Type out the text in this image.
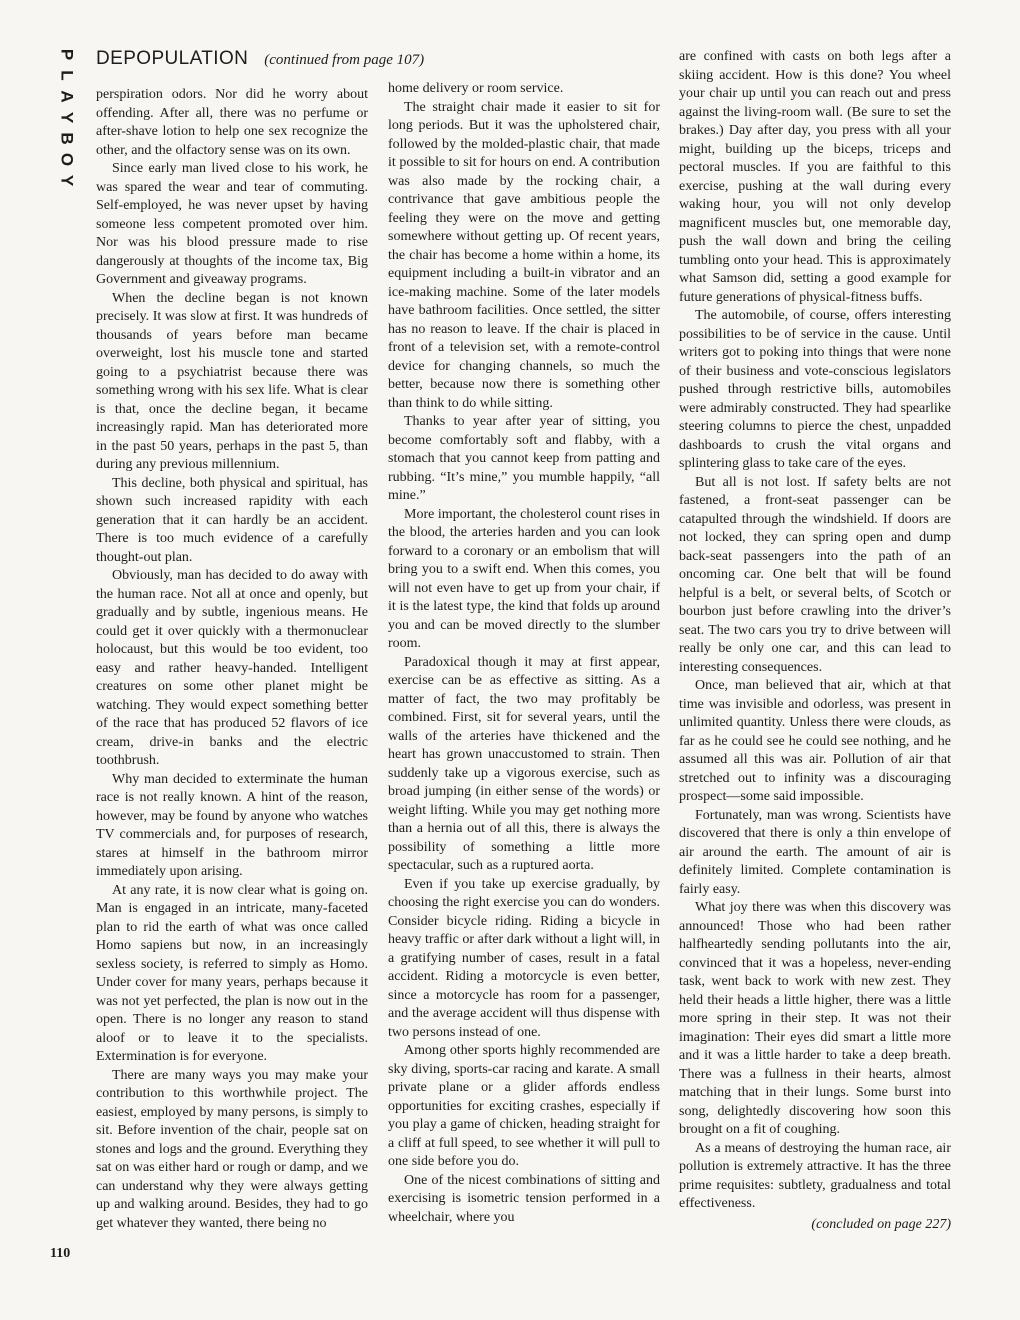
P
L
A
Y
B
O
Y
DEPOPULATION (continued from page 107)

perspiration odors. Nor did he worry about offending. After all, there was no perfume or after-shave lotion to help one sex recognize the other, and the olfactory sense was on its own.

Since early man lived close to his work, he was spared the wear and tear of commuting. Self-employed, he was never upset by having someone less competent promoted over him. Nor was his blood pressure made to rise dangerously at thoughts of the income tax, Big Government and giveaway programs.

When the decline began is not known precisely. It was slow at first. It was hundreds of thousands of years before man became overweight, lost his muscle tone and started going to a psychiatrist because there was something wrong with his sex life. What is clear is that, once the decline began, it became increasingly rapid. Man has deteriorated more in the past 50 years, perhaps in the past 5, than during any previous millennium.

This decline, both physical and spiritual, has shown such increased rapidity with each generation that it can hardly be an accident. There is too much evidence of a carefully thought-out plan.

Obviously, man has decided to do away with the human race. Not all at once and openly, but gradually and by subtle, ingenious means. He could get it over quickly with a thermonuclear holocaust, but this would be too evident, too easy and rather heavy-handed. Intelligent creatures on some other planet might be watching. They would expect something better of the race that has produced 52 flavors of ice cream, drive-in banks and the electric toothbrush.

Why man decided to exterminate the human race is not really known. A hint of the reason, however, may be found by anyone who watches TV commercials and, for purposes of research, stares at himself in the bathroom mirror immediately upon arising.

At any rate, it is now clear what is going on. Man is engaged in an intricate, many-faceted plan to rid the earth of what was once called Homo sapiens but now, in an increasingly sexless society, is referred to simply as Homo. Under cover for many years, perhaps because it was not yet perfected, the plan is now out in the open. There is no longer any reason to stand aloof or to leave it to the specialists. Extermination is for everyone.

There are many ways you may make your contribution to this worthwhile project. The easiest, employed by many persons, is simply to sit. Before invention of the chair, people sat on stones and logs and the ground. Everything they sat on was either hard or rough or damp, and we can understand why they were always getting up and walking around. Besides, they had to go get whatever they wanted, there being no

home delivery or room service.

The straight chair made it easier to sit for long periods. But it was the upholstered chair, followed by the molded-plastic chair, that made it possible to sit for hours on end. A contribution was also made by the rocking chair, a contrivance that gave ambitious people the feeling they were on the move and getting somewhere without getting up. Of recent years, the chair has become a home within a home, its equipment including a built-in vibrator and an ice-making machine. Some of the later models have bathroom facilities. Once settled, the sitter has no reason to leave. If the chair is placed in front of a television set, with a remote-control device for changing channels, so much the better, because now there is something other than think to do while sitting.

Thanks to year after year of sitting, you become comfortably soft and flabby, with a stomach that you cannot keep from patting and rubbing. “It’s mine,” you mumble happily, “all mine.”

More important, the cholesterol count rises in the blood, the arteries harden and you can look forward to a coronary or an embolism that will bring you to a swift end. When this comes, you will not even have to get up from your chair, if it is the latest type, the kind that folds up around you and can be moved directly to the slumber room.

Paradoxical though it may at first appear, exercise can be as effective as sitting. As a matter of fact, the two may profitably be combined. First, sit for several years, until the walls of the arteries have thickened and the heart has grown unaccustomed to strain. Then suddenly take up a vigorous exercise, such as broad jumping (in either sense of the words) or weight lifting. While you may get nothing more than a hernia out of all this, there is always the possibility of something a little more spectacular, such as a ruptured aorta.

Even if you take up exercise gradually, by choosing the right exercise you can do wonders. Consider bicycle riding. Riding a bicycle in heavy traffic or after dark without a light will, in a gratifying number of cases, result in a fatal accident. Riding a motorcycle is even better, since a motorcycle has room for a passenger, and the average accident will thus dispense with two persons instead of one.

Among other sports highly recommended are sky diving, sports-car racing and karate. A small private plane or a glider affords endless opportunities for exciting crashes, especially if you play a game of chicken, heading straight for a cliff at full speed, to see whether it will pull to one side before you do.

One of the nicest combinations of sitting and exercising is isometric tension performed in a wheelchair, where you

are confined with casts on both legs after a skiing accident. How is this done? You wheel your chair up until you can reach out and press against the living-room wall. (Be sure to set the brakes.) Day after day, you press with all your might, building up the biceps, triceps and pectoral muscles. If you are faithful to this exercise, pushing at the wall during every waking hour, you will not only develop magnificent muscles but, one memorable day, push the wall down and bring the ceiling tumbling onto your head. This is approximately what Samson did, setting a good example for future generations of physical-fitness buffs.

The automobile, of course, offers interesting possibilities to be of service in the cause. Until writers got to poking into things that were none of their business and vote-conscious legislators pushed through restrictive bills, automobiles were admirably constructed. They had spearlike steering columns to pierce the chest, unpadded dashboards to crush the vital organs and splintering glass to take care of the eyes.

But all is not lost. If safety belts are not fastened, a front-seat passenger can be catapulted through the windshield. If doors are not locked, they can spring open and dump back-seat passengers into the path of an oncoming car. One belt that will be found helpful is a belt, or several belts, of Scotch or bourbon just before crawling into the driver’s seat. The two cars you try to drive between will really be only one car, and this can lead to interesting consequences.

Once, man believed that air, which at that time was invisible and odorless, was present in unlimited quantity. Unless there were clouds, as far as he could see he could see nothing, and he assumed all this was air. Pollution of air that stretched out to infinity was a discouraging prospect—some said impossible.

Fortunately, man was wrong. Scientists have discovered that there is only a thin envelope of air around the earth. The amount of air is definitely limited. Complete contamination is fairly easy.

What joy there was when this discovery was announced! Those who had been rather halfheartedly sending pollutants into the air, convinced that it was a hopeless, never-ending task, went back to work with new zest. They held their heads a little higher, there was a little more spring in their step. It was not their imagination: Their eyes did smart a little more and it was a little harder to take a deep breath. There was a fullness in their hearts, almost matching that in their lungs. Some burst into song, delightedly discovering how soon this brought on a fit of coughing.

As a means of destroying the human race, air pollution is extremely attractive. It has the three prime requisites: subtlety, gradualness and total effectiveness.

(concluded on page 227)
110
